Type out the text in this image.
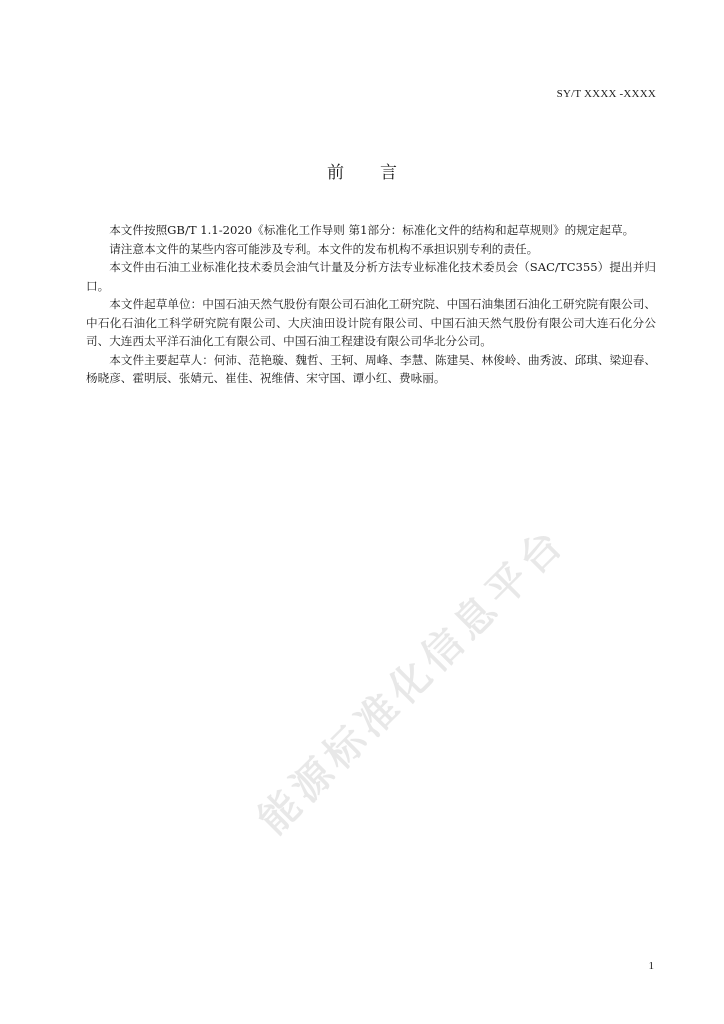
SY/T XXXX -XXXX
前 言

本文件按照GB/T 1.1-2020《标准化工作导则 第1部分：标准化文件的结构和起草规则》的规定起草。

请注意本文件的某些内容可能涉及专利。本文件的发布机构不承担识别专利的责任。

本文件由石油工业标准化技术委员会油气计量及分析方法专业标准化技术委员会（SAC/TC355）提出并归口。

本文件起草单位：中国石油天然气股份有限公司石油化工研究院、中国石油集团石油化工研究院有限公司、中石化石油化工科学研究院有限公司、大庆油田设计院有限公司、中国石油天然气股份有限公司大连石化分公司、大连西太平洋石油化工有限公司、中国石油工程建设有限公司华北分公司。

本文件主要起草人：何沛、范艳璇、魏哲、王轲、周峰、李慧、陈建昊、林俊岭、曲秀波、邱琪、梁迎春、杨晓彦、霍明辰、张婧元、崔佳、祝维倩、宋守国、谭小红、费咏丽。

能源标准化信息平台
1
